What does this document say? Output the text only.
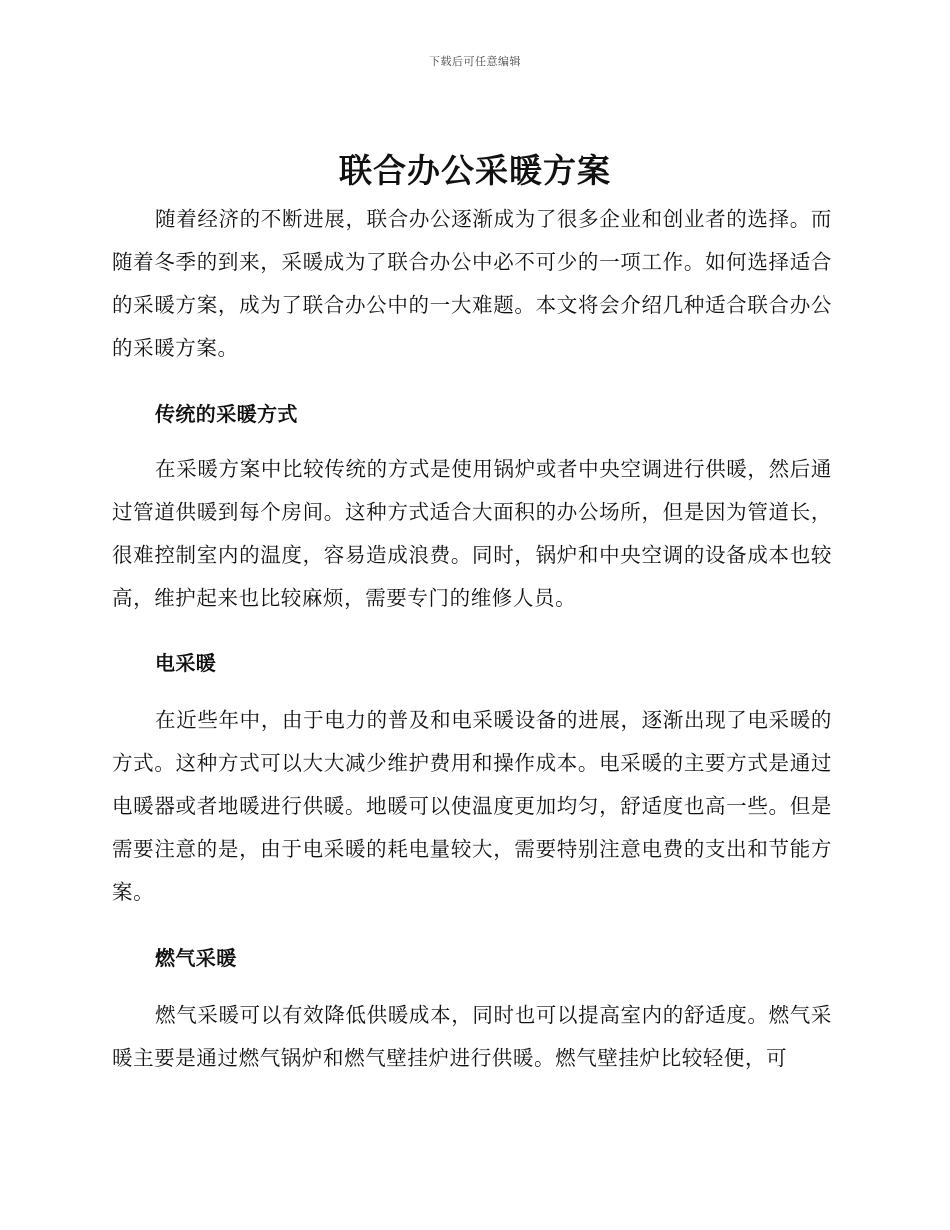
下载后可任意编辑
联合办公采暖方案

随着经济的不断进展，联合办公逐渐成为了很多企业和创业者的选择。而随着冬季的到来，采暖成为了联合办公中必不可少的一项工作。如何选择适合的采暖方案，成为了联合办公中的一大难题。本文将会介绍几种适合联合办公的采暖方案。

传统的采暖方式

在采暖方案中比较传统的方式是使用锅炉或者中央空调进行供暖，然后通过管道供暖到每个房间。这种方式适合大面积的办公场所，但是因为管道长，很难控制室内的温度，容易造成浪费。同时，锅炉和中央空调的设备成本也较高，维护起来也比较麻烦，需要专门的维修人员。

电采暖

在近些年中，由于电力的普及和电采暖设备的进展，逐渐出现了电采暖的方式。这种方式可以大大减少维护费用和操作成本。电采暖的主要方式是通过电暖器或者地暖进行供暖。地暖可以使温度更加均匀，舒适度也高一些。但是需要注意的是，由于电采暖的耗电量较大，需要特别注意电费的支出和节能方案。

燃气采暖

燃气采暖可以有效降低供暖成本，同时也可以提高室内的舒适度。燃气采暖主要是通过燃气锅炉和燃气壁挂炉进行供暖。燃气壁挂炉比较轻便，可
